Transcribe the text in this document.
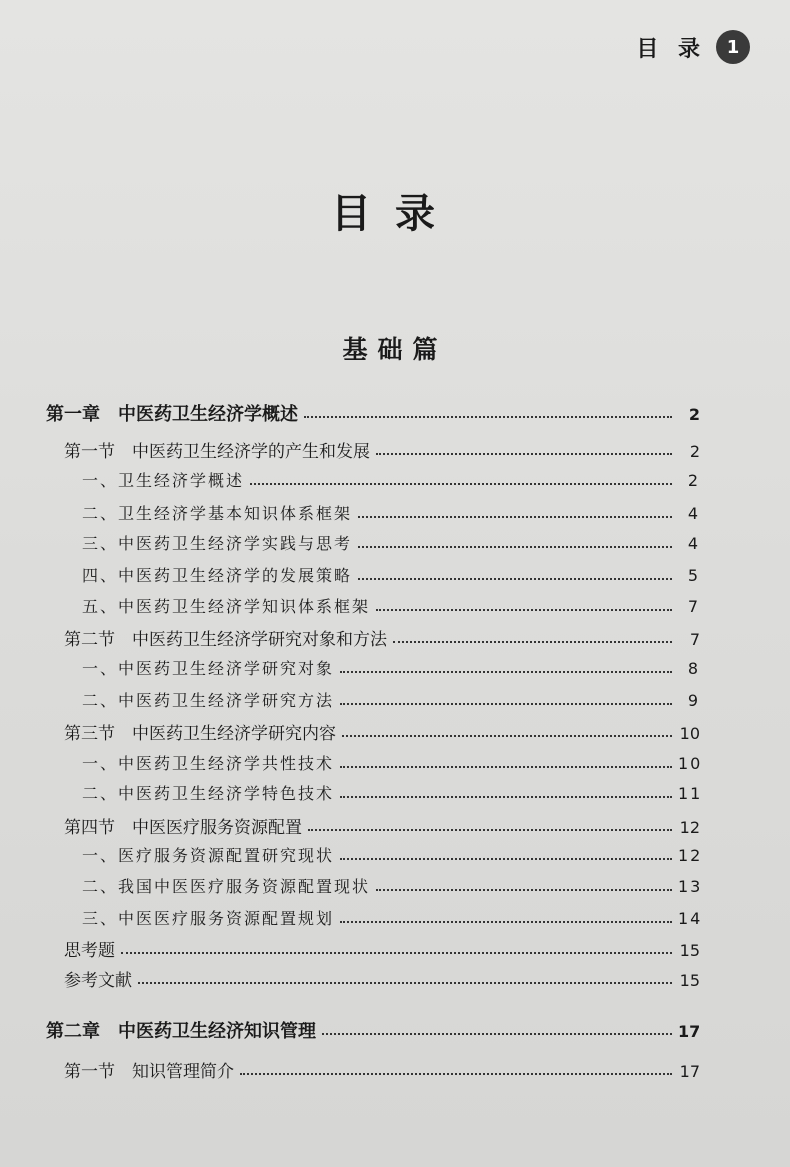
目 录	1
目录
基础篇
第一章　中医药卫生经济学概述	2
第一节　中医药卫生经济学的产生和发展	2
一、卫生经济学概述	2
二、卫生经济学基本知识体系框架	4
三、中医药卫生经济学实践与思考	4
四、中医药卫生经济学的发展策略	5
五、中医药卫生经济学知识体系框架	7
第二节　中医药卫生经济学研究对象和方法	7
一、中医药卫生经济学研究对象	8
二、中医药卫生经济学研究方法	9
第三节　中医药卫生经济学研究内容	10
一、中医药卫生经济学共性技术	10
二、中医药卫生经济学特色技术	11
第四节　中医医疗服务资源配置	12
一、医疗服务资源配置研究现状	12
二、我国中医医疗服务资源配置现状	13
三、中医医疗服务资源配置规划	14
思考题	15
参考文献	15
第二章　中医药卫生经济知识管理	17
第一节　知识管理简介	17
